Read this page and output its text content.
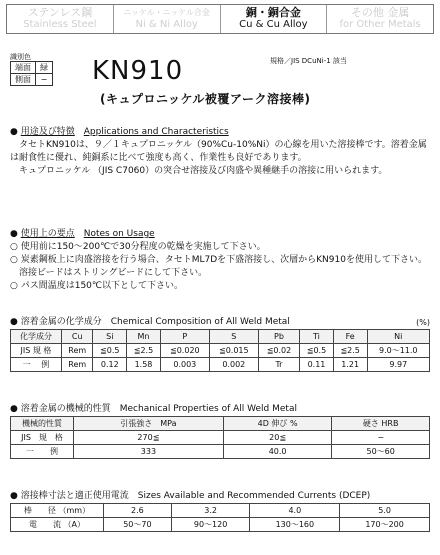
ステンレス鋼
Stainless Steel
ニッケル・ニッケル合金
Ni & Ni Alloy
銅・銅合金
Cu & Cu Alloy
その他 金属
for Other Metals
識別色
端面	緑
側面	− KN910	規格／JIS DCuNi-1 該当
(キュプロニッケル被覆アーク溶接棒)
● 用途及び特徴　 Applications and Characteristics
タセトKN910は、９／１キュプロニッケル（90%Cu-10%Ni）の心線を用いた溶接棒です。溶着金属は耐食性に優れ、純銅系に比べて強度も高く、作業性も良好であります。
キュプロニッケル （JIS C7060）の突合せ溶接及び肉盛や異種継手の溶接に用いられます。
● 使用上の要点　 Notes on Usage
○ 使用前に150〜200℃で30分程度の乾燥を実施して下さい。
○ 炭素鋼板上に肉盛溶接を行う場合、タセトML7Dを下盛溶接し、次層からKN910を使用して下さい。溶接ビードはストリングビードにして下さい。
○ パス間温度は150℃以下として下さい。
● 溶着金属の化学成分　 Chemical Composition of All Weld Metal	(%)
化学成分	Cu	Si	Mn	P	S	Pb	Ti	Fe	Ni
JIS 規 格	Rem	≦0.5	≦2.5	≦0.020	≦0.015	≦0.02	≦0.5	≦2.5	9.0〜11.0
一　 例	Rem	0.12	1.58	0.003	0.002	Tr	0.11	1.21	9.97
● 溶着金属の機械的性質　 Mechanical Properties of All Weld Metal
機械的性質	引張強さ　MPa	4D 伸び %	硬さ HRB
JIS　規　格	270≦	20≦	−
一　　例	333	40.0	50〜60
● 溶接棒寸法と適正使用電流　 Sizes Available and Recommended Currents (DCEP)
棒　　径 （mm）	2.6	3.2	4.0	5.0
電　　流 （A）	50〜70	90〜120	130〜160	170〜200
